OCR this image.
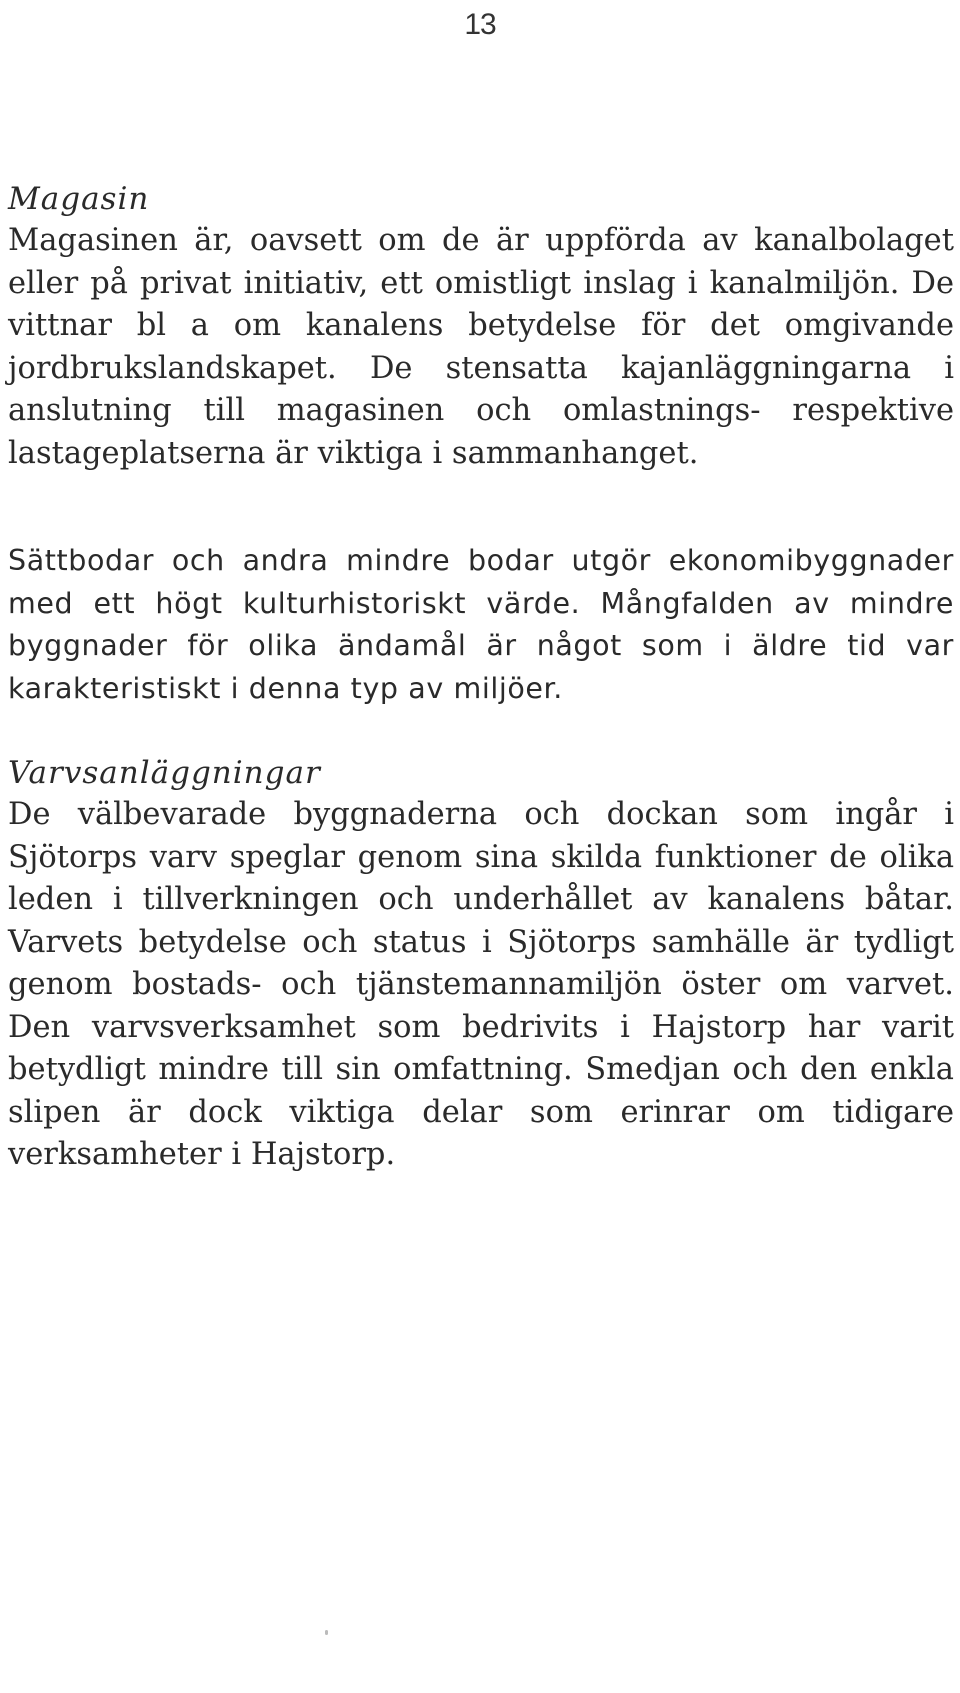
13
Magasin

Magasinen är, oavsett om de är uppförda av kanalbolaget eller på privat initiativ, ett omistligt inslag i kanalmiljön. De vittnar bl a om kanalens betydelse för det omgivande jordbrukslandskapet. De stensatta kajanläggningarna i anslutning till magasinen och omlastnings- respektive lastageplatserna är viktiga i sammanhanget.

Sättbodar och andra mindre bodar utgör ekonomibyggnader med ett högt kulturhistoriskt värde. Mångfalden av mindre byggnader för olika ändamål är något som i äldre tid var karakteristiskt i denna typ av miljöer.

Varvsanläggningar

De välbevarade byggnaderna och dockan som ingår i Sjötorps varv speglar genom sina skilda funktioner de olika leden i tillverkningen och underhållet av kanalens båtar. Varvets betydelse och status i Sjötorps samhälle är tydligt genom bostads- och tjänstemannamiljön öster om varvet. Den varvsverksamhet som bedrivits i Hajstorp har varit betydligt mindre till sin omfattning. Smedjan och den enkla slipen är dock viktiga delar som erinrar om tidigare verksamheter i Hajstorp.
